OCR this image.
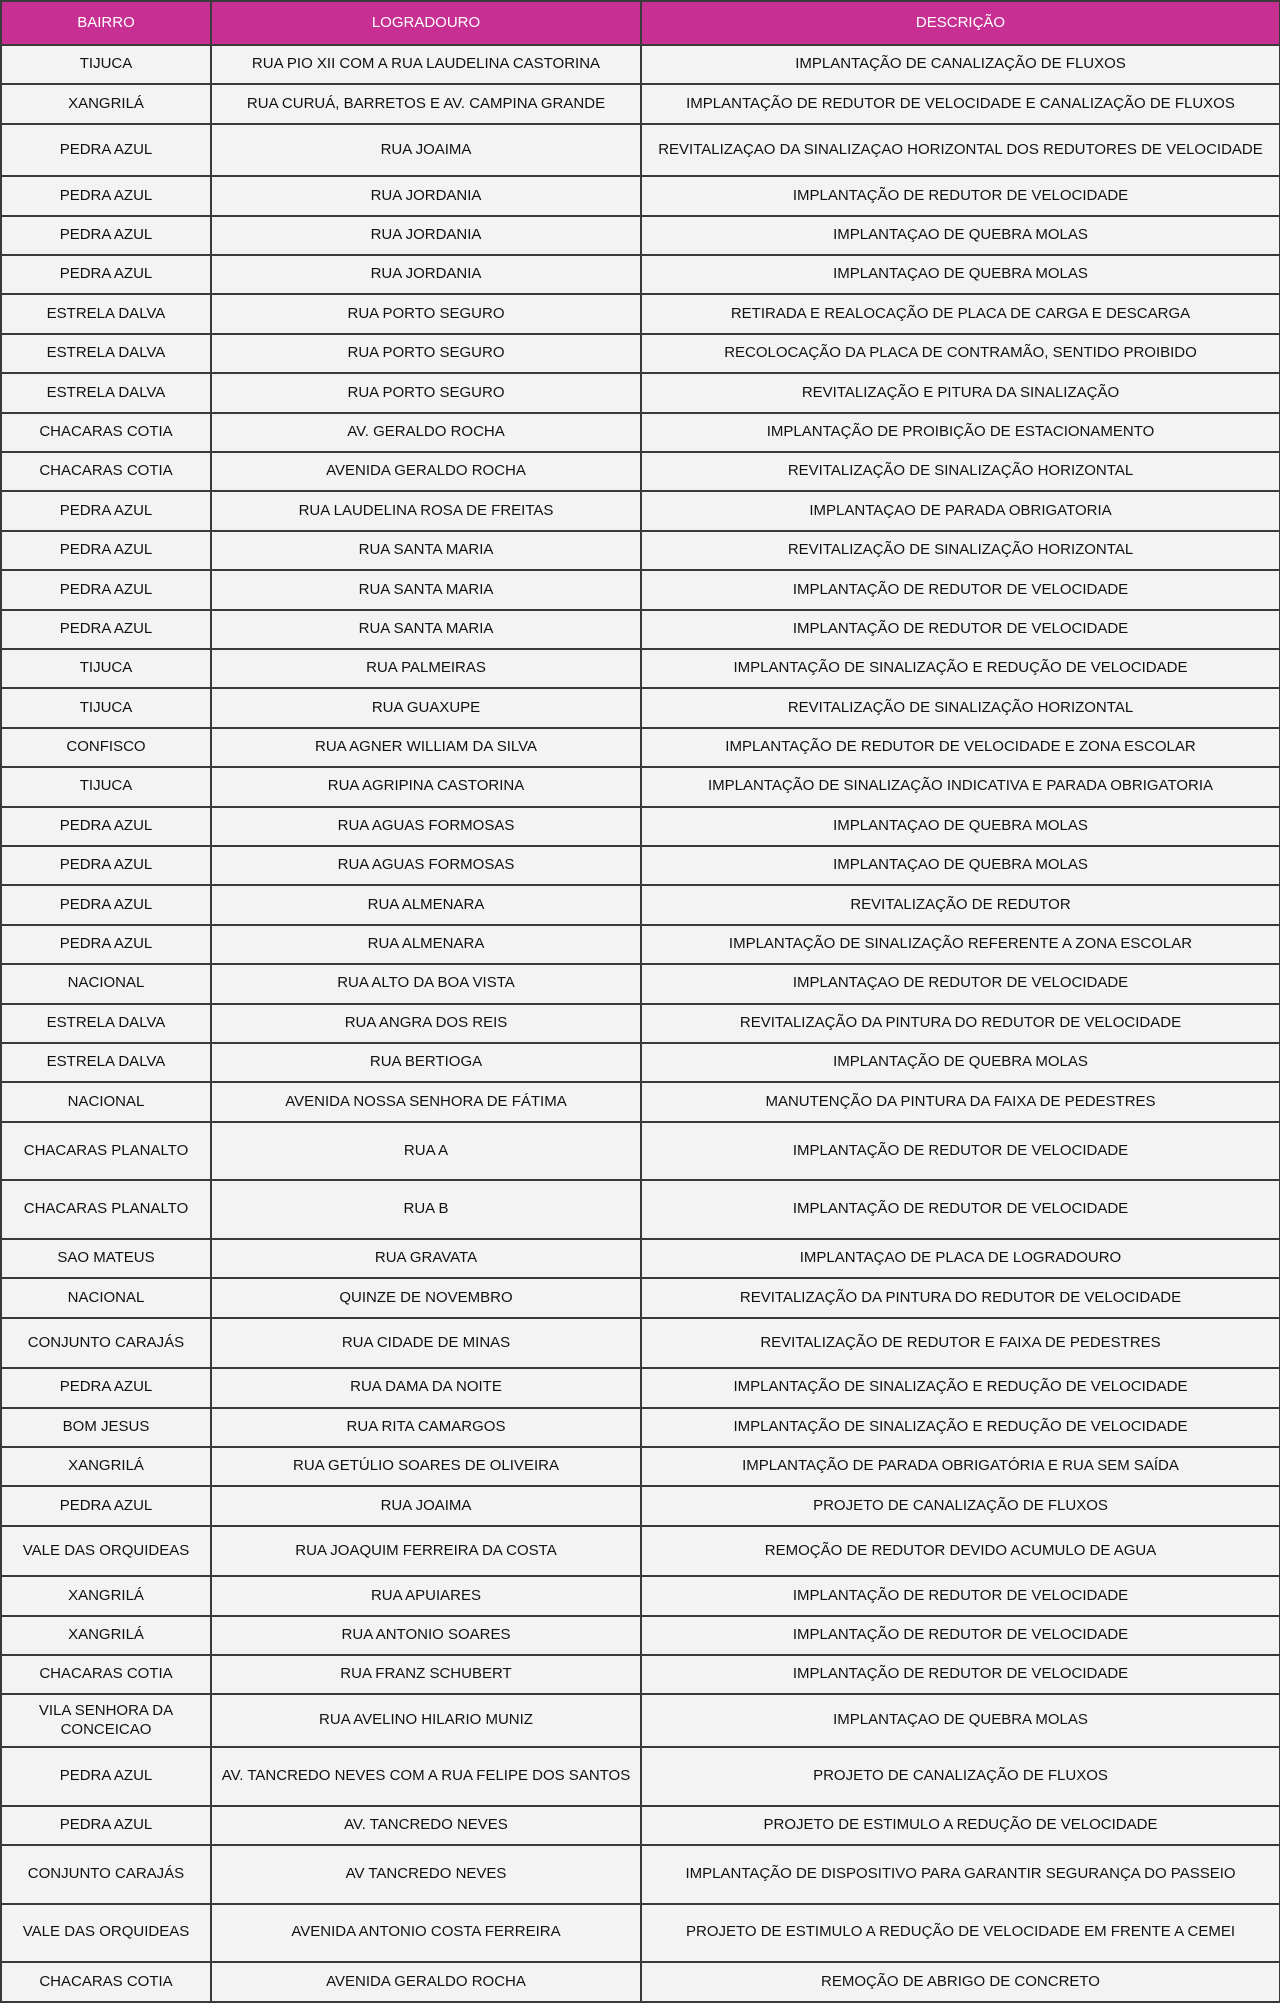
BAIRRO	LOGRADOURO	DESCRIÇÃO
TIJUCA	RUA PIO XII COM A RUA LAUDELINA CASTORINA	IMPLANTAÇÃO DE CANALIZAÇÃO DE FLUXOS
XANGRILÁ	RUA CURUÁ, BARRETOS E AV. CAMPINA GRANDE	IMPLANTAÇÃO DE REDUTOR DE VELOCIDADE E CANALIZAÇÃO DE FLUXOS
PEDRA AZUL	RUA JOAIMA	REVITALIZAÇAO DA SINALIZAÇAO HORIZONTAL DOS REDUTORES DE VELOCIDADE
PEDRA AZUL	RUA JORDANIA	IMPLANTAÇÃO DE REDUTOR DE VELOCIDADE
PEDRA AZUL	RUA JORDANIA	IMPLANTAÇAO DE QUEBRA MOLAS
PEDRA AZUL	RUA JORDANIA	IMPLANTAÇAO DE QUEBRA MOLAS
ESTRELA DALVA	RUA PORTO SEGURO	RETIRADA E REALOCAÇÃO DE PLACA DE CARGA E DESCARGA
ESTRELA DALVA	RUA PORTO SEGURO	RECOLOCAÇÃO DA PLACA DE CONTRAMÃO, SENTIDO PROIBIDO
ESTRELA DALVA	RUA PORTO SEGURO	REVITALIZAÇÃO E PITURA DA SINALIZAÇÃO
CHACARAS COTIA	AV. GERALDO ROCHA	IMPLANTAÇÃO DE PROIBIÇÃO DE ESTACIONAMENTO
CHACARAS COTIA	AVENIDA GERALDO ROCHA	REVITALIZAÇÃO DE SINALIZAÇÃO HORIZONTAL
PEDRA AZUL	RUA LAUDELINA ROSA DE FREITAS	IMPLANTAÇAO DE PARADA OBRIGATORIA
PEDRA AZUL	RUA SANTA MARIA	REVITALIZAÇÃO DE SINALIZAÇÃO HORIZONTAL
PEDRA AZUL	RUA SANTA MARIA	IMPLANTAÇÃO DE REDUTOR DE VELOCIDADE
PEDRA AZUL	RUA SANTA MARIA	IMPLANTAÇÃO DE REDUTOR DE VELOCIDADE
TIJUCA	RUA PALMEIRAS	IMPLANTAÇÃO DE SINALIZAÇÃO E REDUÇÃO DE VELOCIDADE
TIJUCA	RUA GUAXUPE	REVITALIZAÇÃO DE SINALIZAÇÃO HORIZONTAL
CONFISCO	RUA AGNER WILLIAM DA SILVA	IMPLANTAÇÃO DE REDUTOR DE VELOCIDADE E ZONA ESCOLAR
TIJUCA	RUA AGRIPINA CASTORINA	IMPLANTAÇÃO DE SINALIZAÇÃO INDICATIVA E PARADA OBRIGATORIA
PEDRA AZUL	RUA AGUAS FORMOSAS	IMPLANTAÇAO DE QUEBRA MOLAS
PEDRA AZUL	RUA AGUAS FORMOSAS	IMPLANTAÇAO DE QUEBRA MOLAS
PEDRA AZUL	RUA ALMENARA	REVITALIZAÇÃO DE REDUTOR
PEDRA AZUL	RUA ALMENARA	IMPLANTAÇÃO DE SINALIZAÇÃO REFERENTE A ZONA ESCOLAR
NACIONAL	RUA ALTO DA BOA VISTA	IMPLANTAÇAO DE REDUTOR DE VELOCIDADE
ESTRELA DALVA	RUA ANGRA DOS REIS	REVITALIZAÇÃO DA PINTURA DO REDUTOR DE VELOCIDADE
ESTRELA DALVA	RUA BERTIOGA	IMPLANTAÇÃO DE QUEBRA MOLAS
NACIONAL	AVENIDA NOSSA SENHORA DE FÁTIMA	MANUTENÇÃO DA PINTURA DA FAIXA DE PEDESTRES
CHACARAS PLANALTO	RUA A	IMPLANTAÇÃO DE REDUTOR DE VELOCIDADE
CHACARAS PLANALTO	RUA B	IMPLANTAÇÃO DE REDUTOR DE VELOCIDADE
SAO MATEUS	RUA GRAVATA	IMPLANTAÇAO DE PLACA DE LOGRADOURO
NACIONAL	QUINZE DE NOVEMBRO	REVITALIZAÇÃO DA PINTURA DO REDUTOR DE VELOCIDADE
CONJUNTO CARAJÁS	RUA CIDADE DE MINAS	REVITALIZAÇÃO DE REDUTOR E FAIXA DE PEDESTRES
PEDRA AZUL	RUA DAMA DA NOITE	IMPLANTAÇÃO DE SINALIZAÇÃO E REDUÇÃO DE VELOCIDADE
BOM JESUS	RUA RITA CAMARGOS	IMPLANTAÇÃO DE SINALIZAÇÃO E REDUÇÃO DE VELOCIDADE
XANGRILÁ	RUA GETÚLIO SOARES DE OLIVEIRA	IMPLANTAÇÃO DE PARADA OBRIGATÓRIA E RUA SEM SAÍDA
PEDRA AZUL	RUA JOAIMA	PROJETO DE CANALIZAÇÃO DE FLUXOS
VALE DAS ORQUIDEAS	RUA JOAQUIM FERREIRA DA COSTA	REMOÇÃO DE REDUTOR DEVIDO ACUMULO DE AGUA
XANGRILÁ	RUA APUIARES	IMPLANTAÇÃO DE REDUTOR DE VELOCIDADE
XANGRILÁ	RUA ANTONIO SOARES	IMPLANTAÇÃO DE REDUTOR DE VELOCIDADE
CHACARAS COTIA	RUA FRANZ SCHUBERT	IMPLANTAÇÃO DE REDUTOR DE VELOCIDADE
VILA SENHORA DA CONCEICAO	RUA AVELINO HILARIO MUNIZ	IMPLANTAÇAO DE QUEBRA MOLAS
PEDRA AZUL	AV. TANCREDO NEVES COM A RUA FELIPE DOS SANTOS	PROJETO DE CANALIZAÇÃO DE FLUXOS
PEDRA AZUL	AV. TANCREDO NEVES	PROJETO DE ESTIMULO A REDUÇÃO DE VELOCIDADE
CONJUNTO CARAJÁS	AV TANCREDO NEVES	IMPLANTAÇÃO DE DISPOSITIVO PARA GARANTIR SEGURANÇA DO PASSEIO
VALE DAS ORQUIDEAS	AVENIDA ANTONIO COSTA FERREIRA	PROJETO DE ESTIMULO A REDUÇÃO DE VELOCIDADE EM FRENTE A CEMEI
CHACARAS COTIA	AVENIDA GERALDO ROCHA	REMOÇÃO DE ABRIGO DE CONCRETO
